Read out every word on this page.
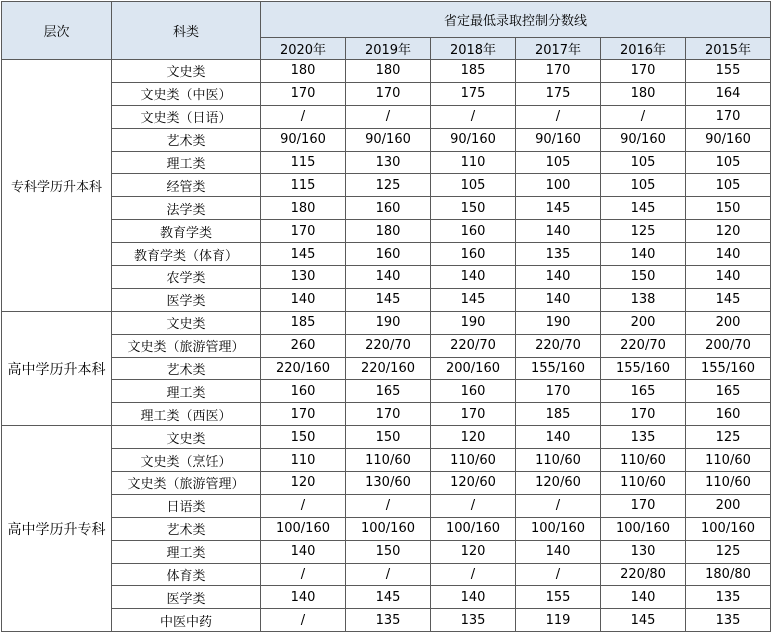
层次	科类	省定最低录取控制分数线					
		2020年	2019年	2018年	2017年	2016年	2015年
专科学历升本科	文史类	180	180	185	170	170	155
	文史类（中医）	170	170	175	175	180	164
	文史类（日语）	/	/	/	/	/	170
	艺术类	90/160	90/160	90/160	90/160	90/160	90/160
	理工类	115	130	110	105	105	105
	经管类	115	125	105	100	105	105
	法学类	180	160	150	145	145	150
	教育学类	170	180	160	140	125	120
	教育学类（体育）	145	160	160	135	140	140
	农学类	130	140	140	140	150	140
	医学类	140	145	145	140	138	145
高中学历升本科	文史类	185	190	190	190	200	200
	文史类（旅游管理）	260	220/70	220/70	220/70	220/70	200/70
	艺术类	220/160	220/160	200/160	155/160	155/160	155/160
	理工类	160	165	160	170	165	165
	理工类（西医）	170	170	170	185	170	160
高中学历升专科	文史类	150	150	120	140	135	125
	文史类（烹饪）	110	110/60	110/60	110/60	110/60	110/60
	文史类（旅游管理）	120	130/60	120/60	120/60	110/60	110/60
	日语类	/	/	/	/	170	200
	艺术类	100/160	100/160	100/160	100/160	100/160	100/160
	理工类	140	150	120	140	130	125
	体育类	/	/	/	/	220/80	180/80
	医学类	140	145	140	155	140	135
	中医中药	/	135	135	119	145	135
